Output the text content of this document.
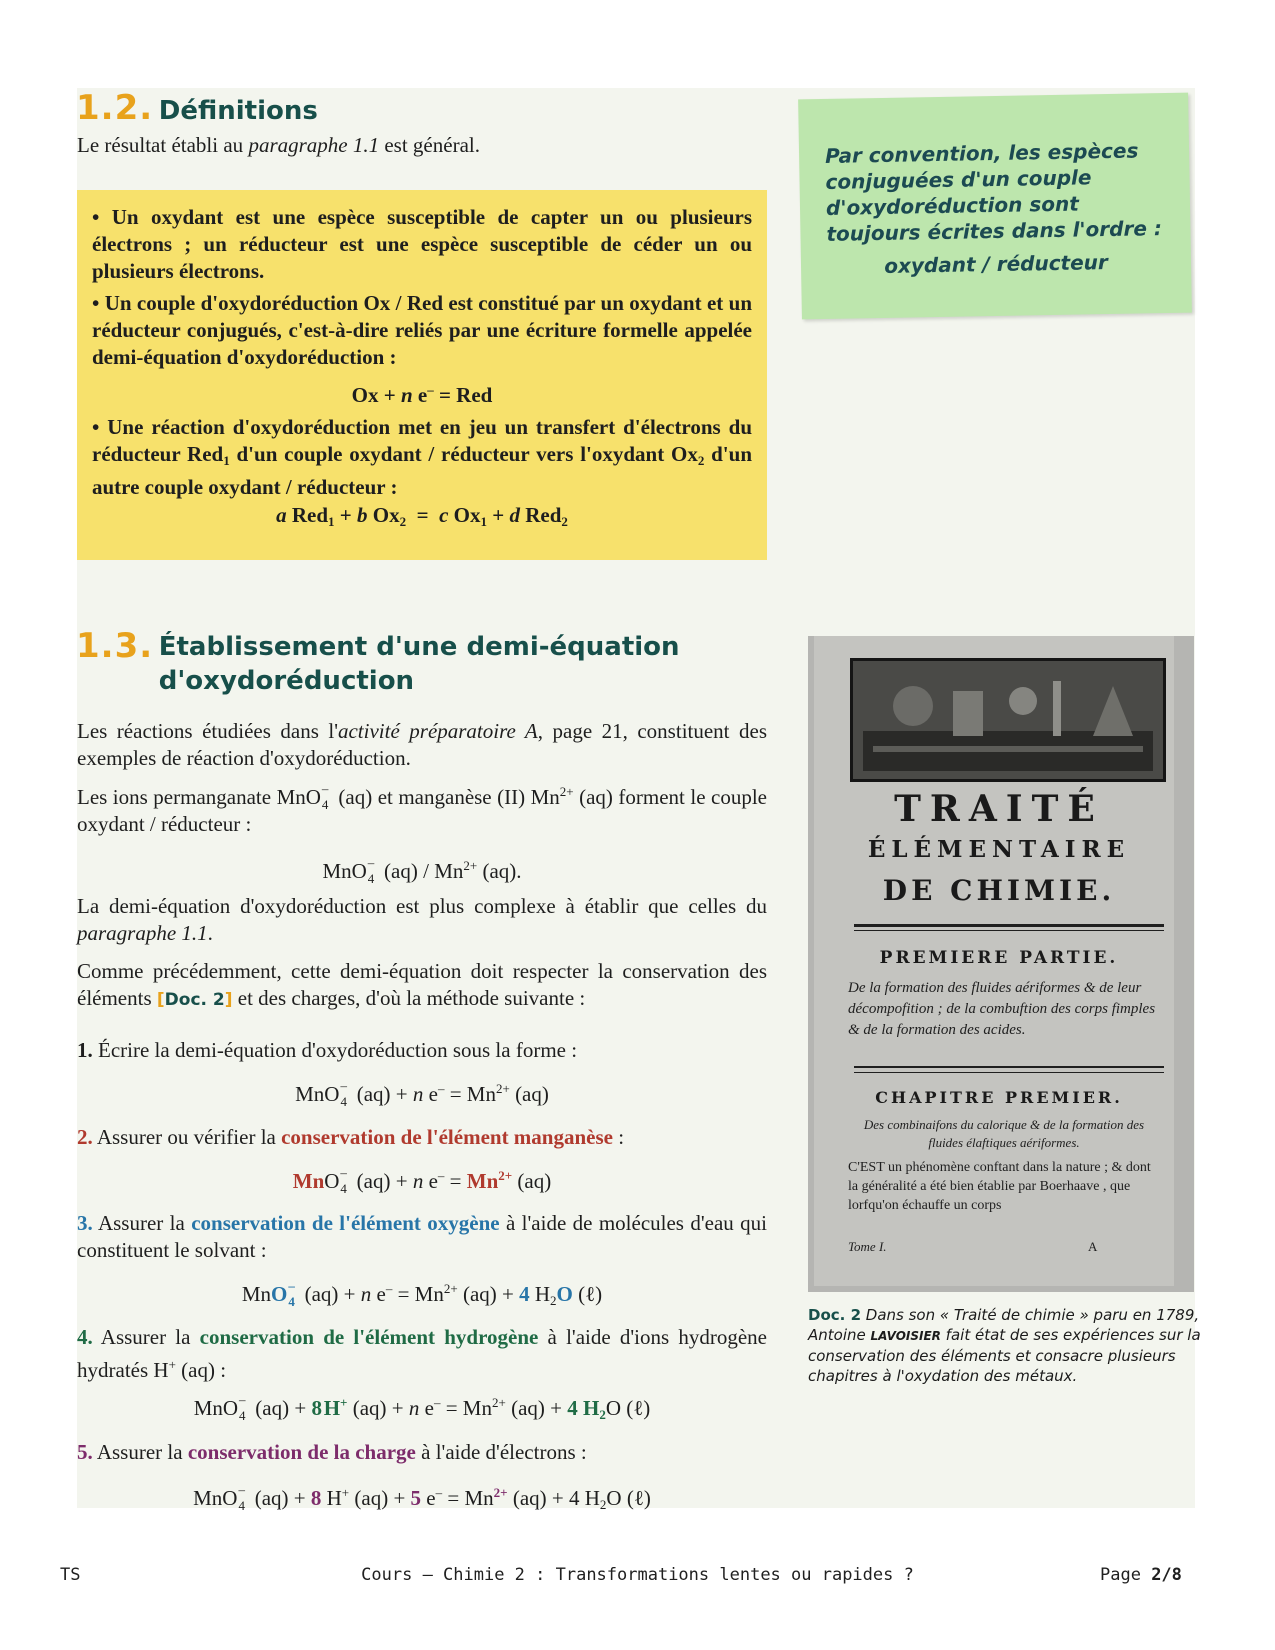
1.2. Définitions

Le résultat établi au paragraphe 1.1 est général.

• Un oxydant est une espèce susceptible de capter un ou plusieurs électrons ; un réducteur est une espèce susceptible de céder un ou plusieurs électrons.

• Un couple d'oxydoréduction Ox / Red est constitué par un oxydant et un réducteur conjugués, c'est-à-dire reliés par une écriture formelle appelée demi-équation d'oxydoréduction :

Ox + n e– = Red

• Une réaction d'oxydoréduction met en jeu un transfert d'électrons du réducteur Red$_1$ d'un couple oxydant / réducteur vers l'oxydant $Ox_2$ d'un autre couple oxydant / réducteur :

a Red$_1$ + b $Ox_2 = c$ $Ox_1 + d$ Red$_2$

Par convention, les espèces conjuguées d'un couple d'oxydoréduction sont toujours écrites dans l'ordre :

oxydant / réducteur

1.3. Établissement d'une demi-équation
d'oxydoréduction

Les réactions étudiées dans l'activité préparatoire A, page 21, constituent des exemples de réaction d'oxydoréduction.

Les ions permanganate MnO –
4 (aq) et manganèse (II) $Mn^{2+}$ (aq) forment le couple oxydant / réducteur :

MnO –
4 $(aq) / Mn^{2+}$ (aq).

La demi-équation d'oxydoréduction est plus complexe à établir que celles du paragraphe 1.1.

Comme précédemment, cette demi-équation doit respecter la conservation des éléments [Doc. 2] et des charges, d'où la méthode suivante :

1. Écrire la demi-équation d'oxydoréduction sous la forme :

MnO –
4 (aq) + n $e^- = Mn^{2+}$ (aq)

2. Assurer ou vérifier la conservation de l'élément manganèse :

MnO –
4 (aq) + n $e^- = Mn^{2+}$ (aq)

3. Assurer la conservation de l'élément oxygène à l'aide de molécules d'eau qui constituent le solvant :

MnO –
4 (aq) + n $e^- = Mn^{2+}$ (aq) + 4 $H_2O$ (ℓ)

4. Assurer la conservation de l'élément hydrogène à l'aide d'ions hydrogène hydratés H+ (aq) :

MnO –
4 (aq) + 8 H+ (aq) + n $e^- = Mn^{2+}$ (aq) + 4 $H_2O$ (ℓ)

5. Assurer la conservation de la charge à l'aide d'électrons :

MnO –
4 (aq) + 8 H+ (aq) + 5 $e^- = Mn^{2+}$ (aq) + 4 $H_2O$ (ℓ)

TRAITÉ

ÉLÉMENTAIRE

DE CHIMIE.

PREMIERE PARTIE.

De la formation des fluides aériformes & de leur décompofition ; de la combuftion des corps fimples & de la formation des acides.

CHAPITRE PREMIER.

Des combinaifons du calorique & de la formation des fluides élaftiques aériformes.

C'EST un phénomène conftant dans la nature ; & dont la généralité a été bien établie par Boerhaave , que lorfqu'on échauffe un corps

Tome I.	A

Doc. 2 Dans son « Traité de chimie » paru en 1789, Antoine LAVOISIER fait état de ses expériences sur la conservation des éléments et consacre plusieurs chapitres à l'oxydation des métaux.

TS	Cours – Chimie 2 : Transformations lentes ou rapides ?	Page 2/8
